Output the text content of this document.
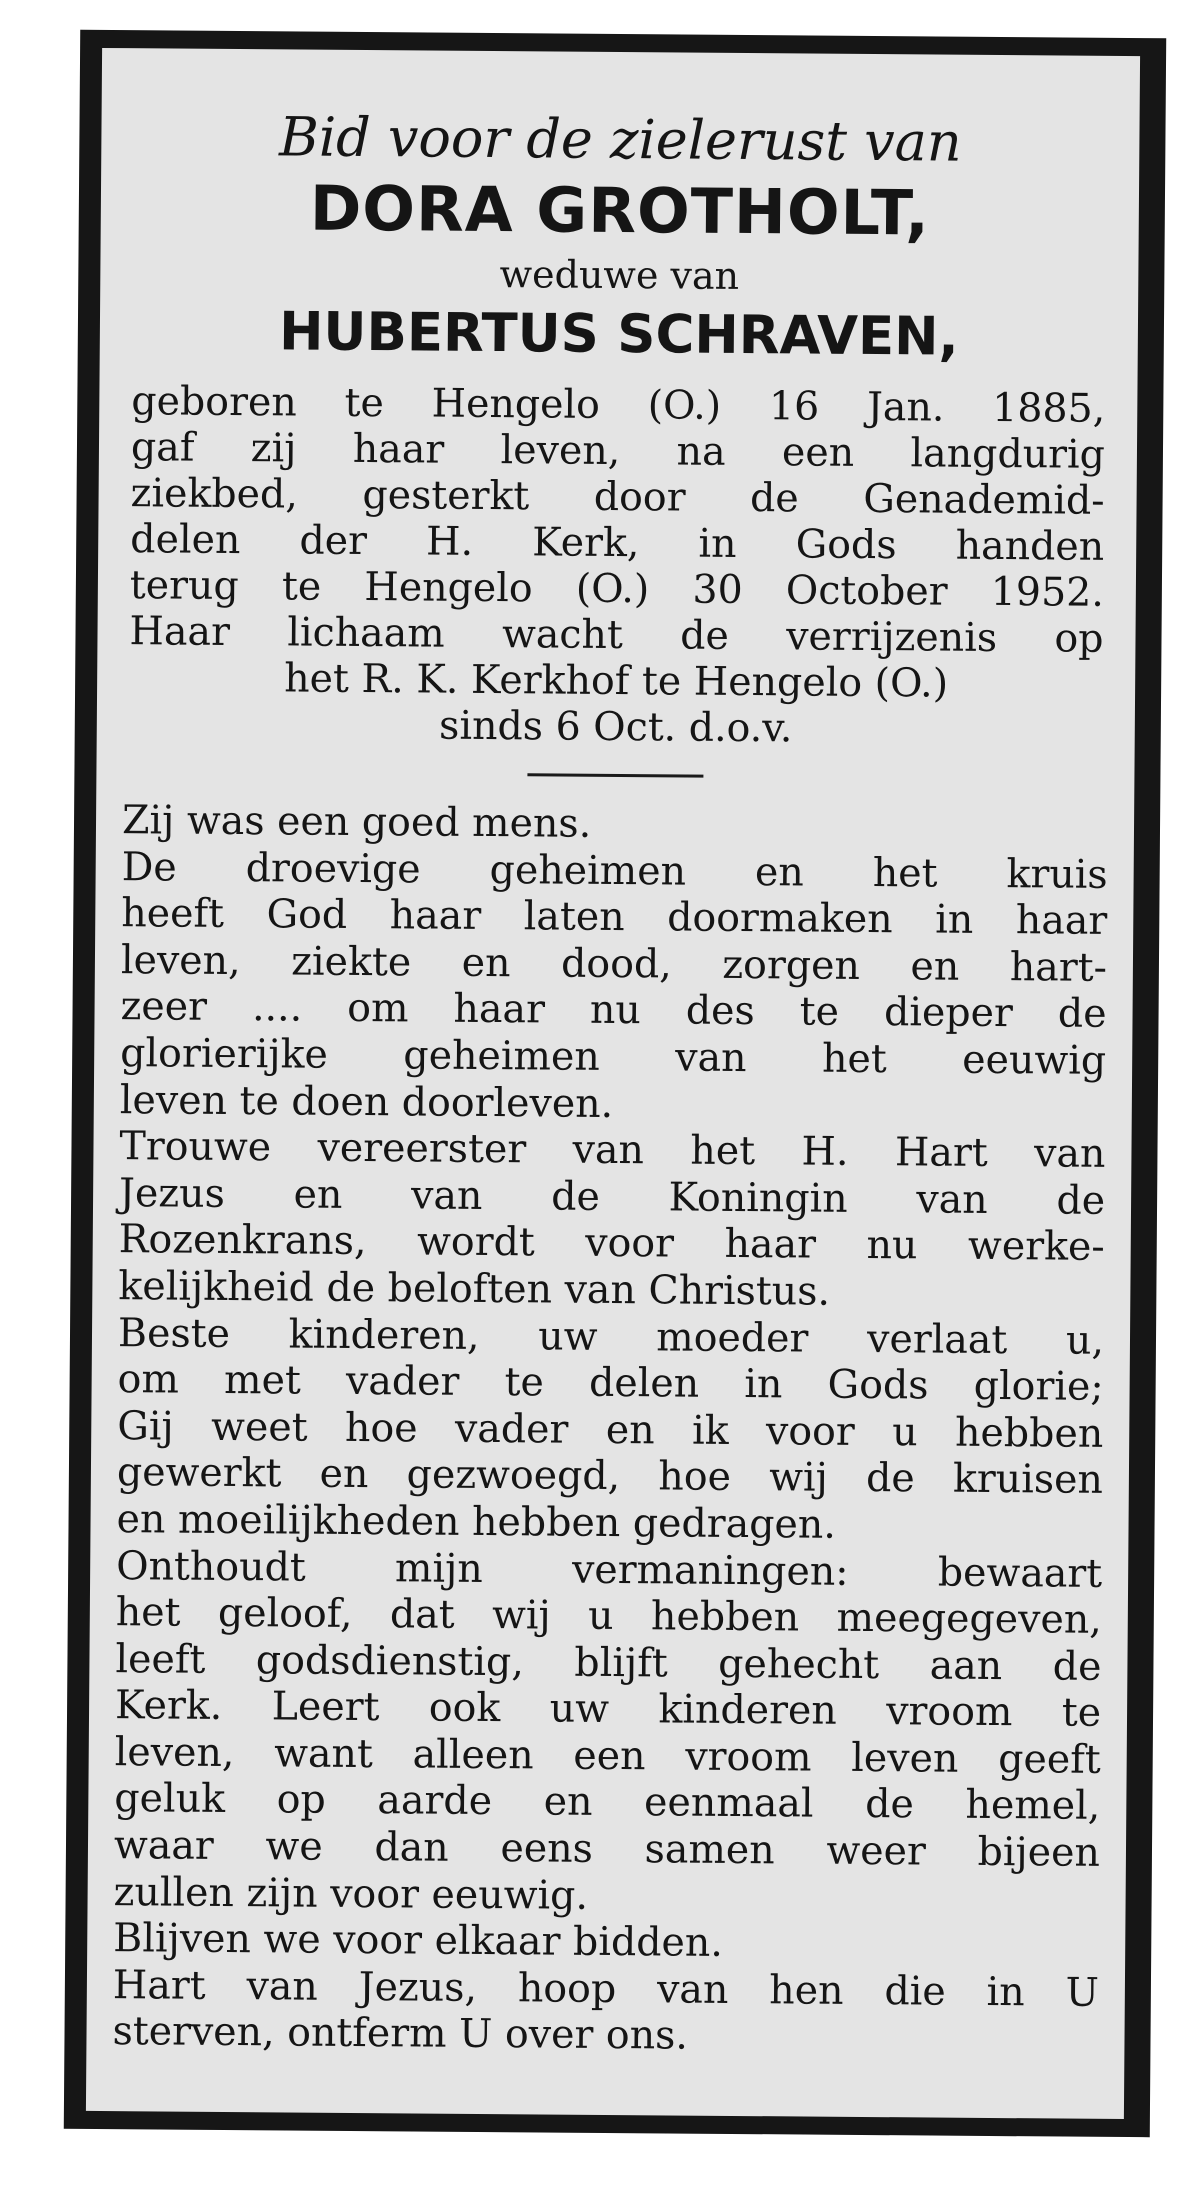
Bid voor de zielerust van

DORA GROTHOLT,

weduwe van

HUBERTUS SCHRAVEN,

geboren te Hengelo (O.) 16 Jan. 1885,
gaf zij haar leven, na een langdurig
ziekbed, gesterkt door de Genademid-
delen der H. Kerk, in Gods handen
terug te Hengelo (O.) 30 October 1952.
Haar lichaam wacht de verrijzenis op
het R. K. Kerkhof te Hengelo (O.)
sinds 6 Oct. d.o.v.
Zij was een goed mens.
De droevige geheimen en het kruis
heeft God haar laten doormaken in haar
leven, ziekte en dood, zorgen en hart-
zeer .... om haar nu des te dieper de
glorierijke geheimen van het eeuwig
leven te doen doorleven.
Trouwe vereerster van het H. Hart van
Jezus en van de Koningin van de
Rozenkrans, wordt voor haar nu werke-
kelijkheid de beloften van Christus.
Beste kinderen, uw moeder verlaat u,
om met vader te delen in Gods glorie;
Gij weet hoe vader en ik voor u hebben
gewerkt en gezwoegd, hoe wij de kruisen
en moeilijkheden hebben gedragen.
Onthoudt mijn vermaningen: bewaart
het geloof, dat wij u hebben meegegeven,
leeft godsdienstig, blijft gehecht aan de
Kerk. Leert ook uw kinderen vroom te
leven, want alleen een vroom leven geeft
geluk op aarde en eenmaal de hemel,
waar we dan eens samen weer bijeen
zullen zijn voor eeuwig.
Blijven we voor elkaar bidden.
Hart van Jezus, hoop van hen die in U
sterven, ontferm U over ons.
